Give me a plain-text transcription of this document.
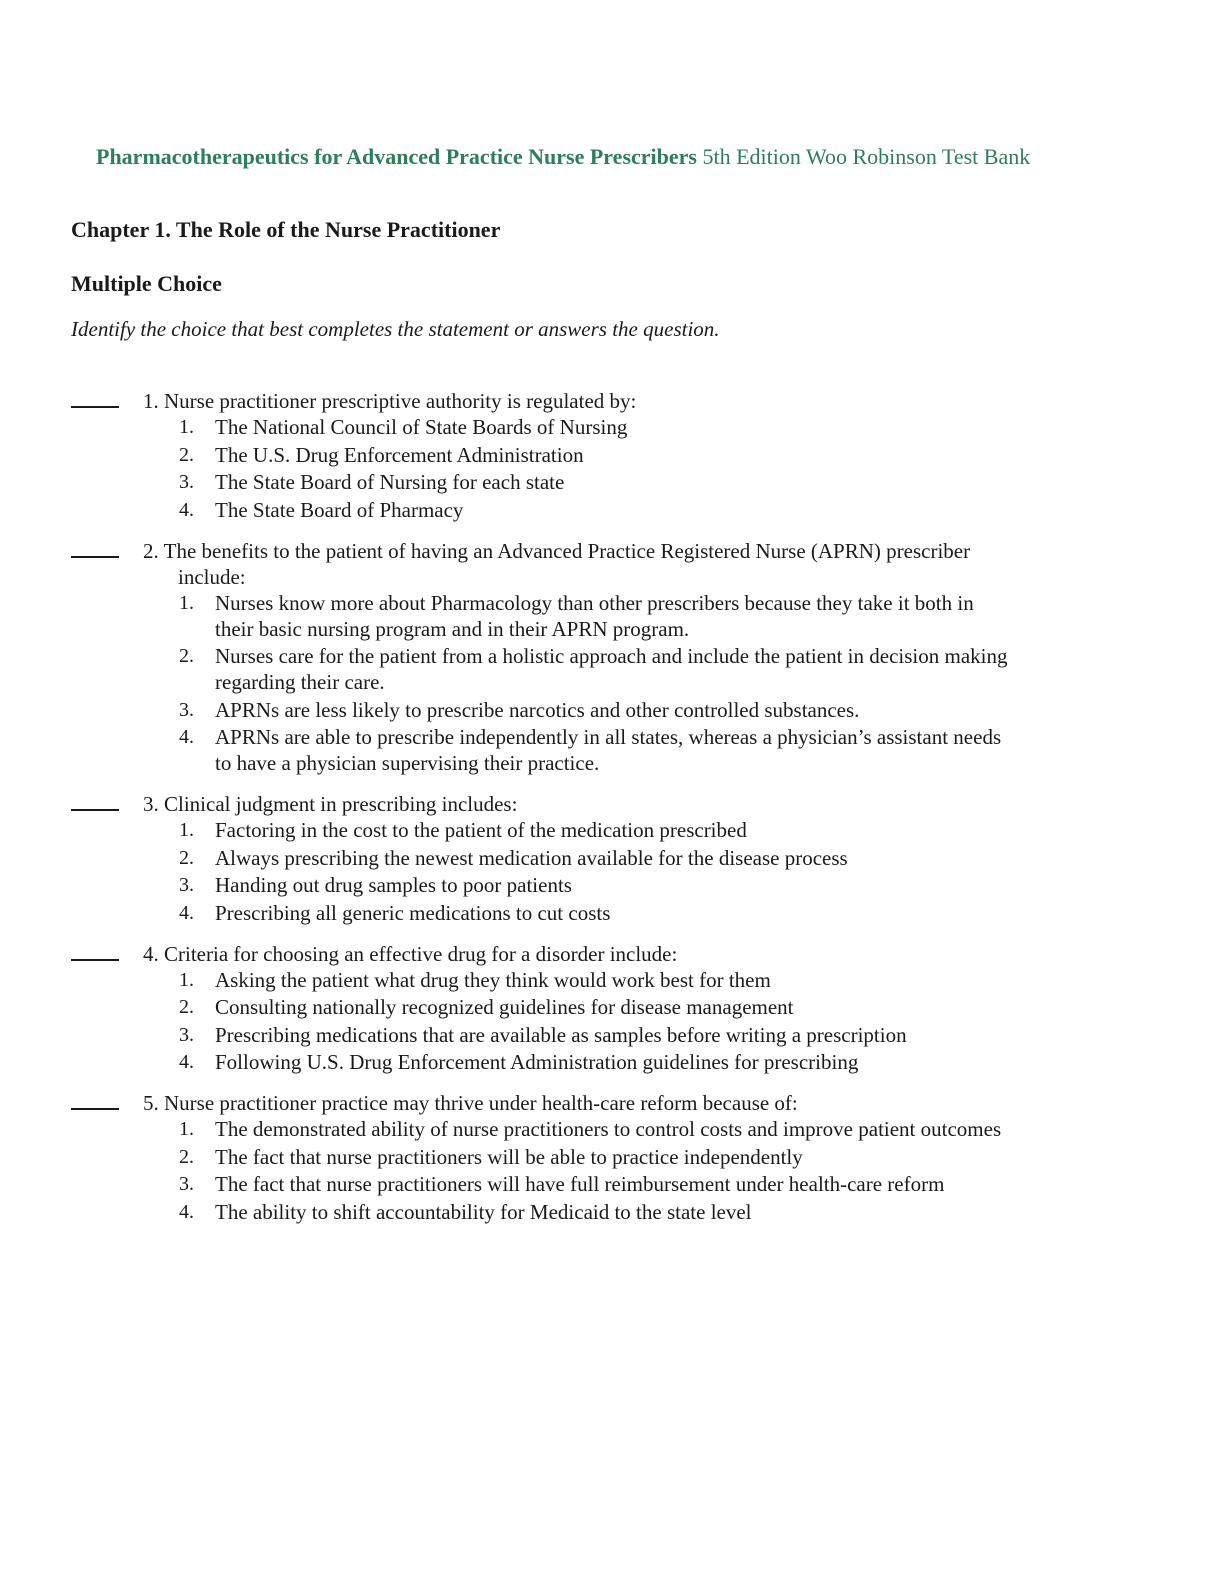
Pharmacotherapeutics for Advanced Practice Nurse Prescribers 5th Edition Woo Robinson Test Bank
Chapter 1. The Role of the Nurse Practitioner
Multiple Choice
Identify the choice that best completes the statement or answers the question.
1. Nurse practitioner prescriptive authority is regulated by:
1.	The National Council of State Boards of Nursing
2.	The U.S. Drug Enforcement Administration
3.	The State Board of Nursing for each state
4.	The State Board of Pharmacy
2. The benefits to the patient of having an Advanced Practice Registered Nurse (APRN) prescriber
include:
1.	Nurses know more about Pharmacology than other prescribers because they take it both in their basic nursing program and in their APRN program.
2.	Nurses care for the patient from a holistic approach and include the patient in decision making regarding their care.
3.	APRNs are less likely to prescribe narcotics and other controlled substances.
4.	APRNs are able to prescribe independently in all states, whereas a physician’s assistant needs to have a physician supervising their practice.
3. Clinical judgment in prescribing includes:
1.	Factoring in the cost to the patient of the medication prescribed
2.	Always prescribing the newest medication available for the disease process
3.	Handing out drug samples to poor patients
4.	Prescribing all generic medications to cut costs
4. Criteria for choosing an effective drug for a disorder include:
1.	Asking the patient what drug they think would work best for them
2.	Consulting nationally recognized guidelines for disease management
3.	Prescribing medications that are available as samples before writing a prescription
4.	Following U.S. Drug Enforcement Administration guidelines for prescribing
5. Nurse practitioner practice may thrive under health-care reform because of:
1.	The demonstrated ability of nurse practitioners to control costs and improve patient outcomes
2.	The fact that nurse practitioners will be able to practice independently
3.	The fact that nurse practitioners will have full reimbursement under health-care reform
4.	The ability to shift accountability for Medicaid to the state level
